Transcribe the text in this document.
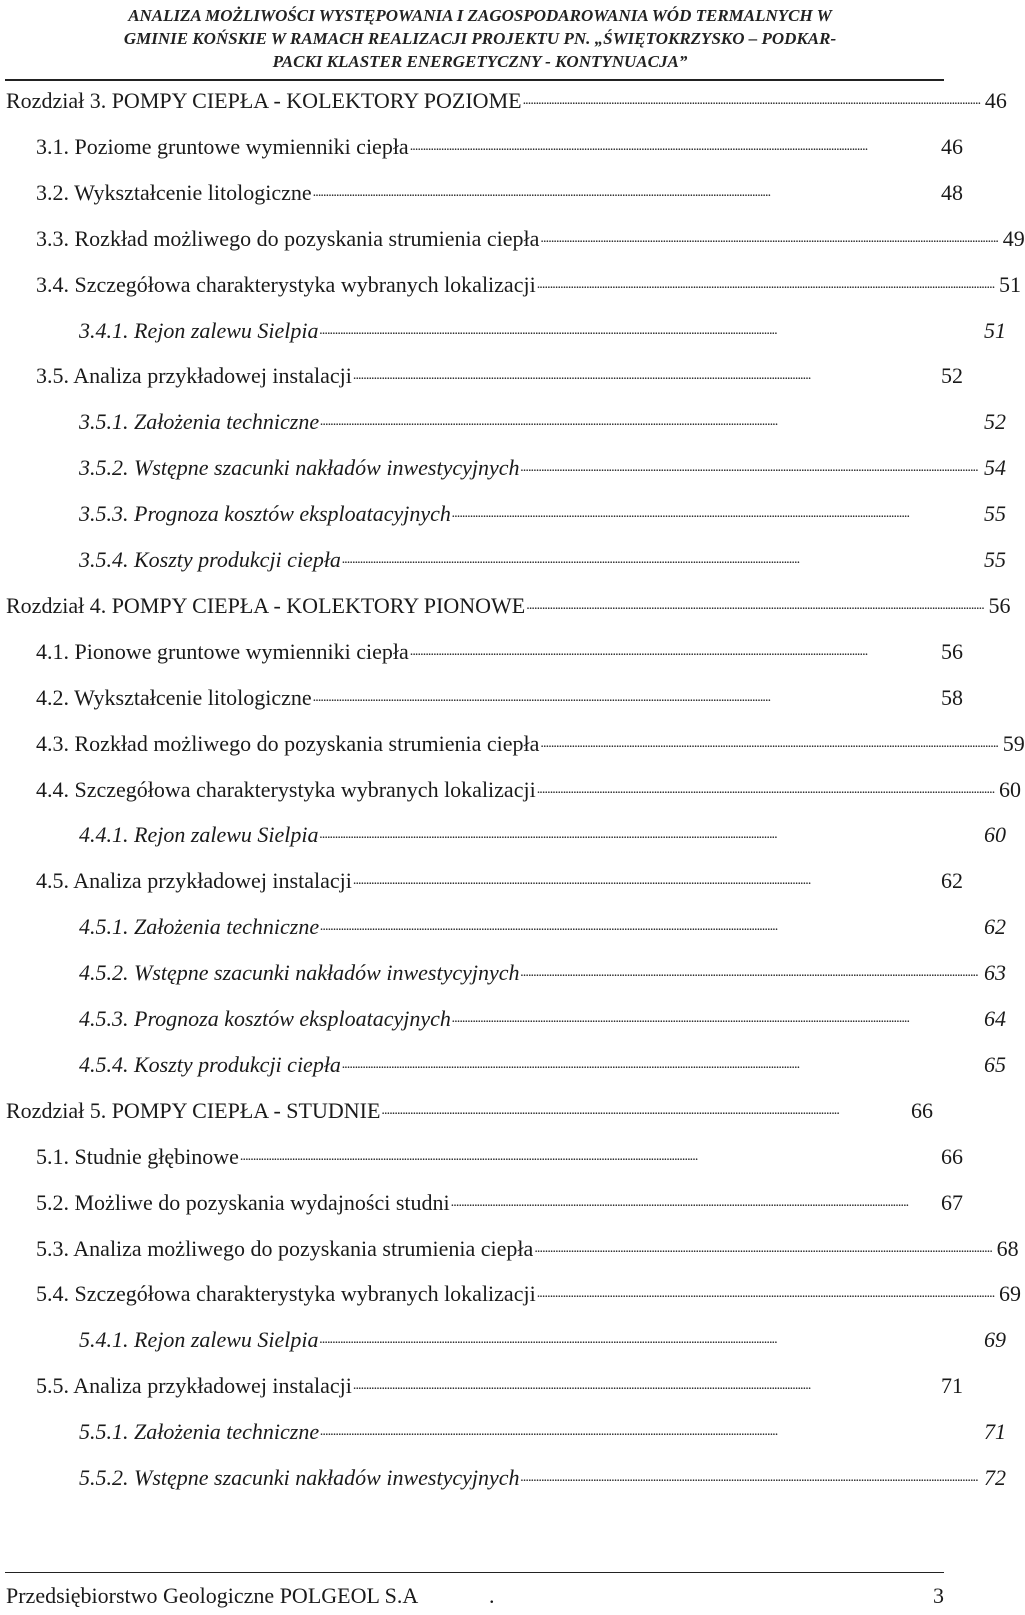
ANALIZA MOŻLIWOŚCI WYSTĘPOWANIA I ZAGOSPODAROWANIA WÓD TERMALNYCH W
GMINIE KOŃSKIE W RAMACH REALIZACJI PROJEKTU PN. „ŚWIĘTOKRZYSKO – PODKAR-
PACKI KLASTER ENERGETYCZNY - KONTYNUACJA”
Rozdział 3. POMPY CIEPŁA - KOLEKTORY POZIOME . . .	46
3.1. Poziome gruntowe wymienniki ciepła . . .	46
3.2. Wykształcenie litologiczne . . .	48
3.3. Rozkład możliwego do pozyskania strumienia ciepła . . .	49
3.4. Szczegółowa charakterystyka wybranych lokalizacji . . .	51
3.4.1. Rejon zalewu Sielpia . . .	51
3.5. Analiza przykładowej instalacji . . .	52
3.5.1. Założenia techniczne . . .	52
3.5.2. Wstępne szacunki nakładów inwestycyjnych . . .	54
3.5.3. Prognoza kosztów eksploatacyjnych . . .	55
3.5.4. Koszty produkcji ciepła . . .	55
Rozdział 4. POMPY CIEPŁA - KOLEKTORY PIONOWE . . .	56
4.1. Pionowe gruntowe wymienniki ciepła . . .	56
4.2. Wykształcenie litologiczne . . .	58
4.3. Rozkład możliwego do pozyskania strumienia ciepła . . .	59
4.4. Szczegółowa charakterystyka wybranych lokalizacji . . .	60
4.4.1. Rejon zalewu Sielpia . . .	60
4.5. Analiza przykładowej instalacji . . .	62
4.5.1. Założenia techniczne . . .	62
4.5.2. Wstępne szacunki nakładów inwestycyjnych . . .	63
4.5.3. Prognoza kosztów eksploatacyjnych . . .	64
4.5.4. Koszty produkcji ciepła . . .	65
Rozdział 5. POMPY CIEPŁA - STUDNIE . . .	66
5.1. Studnie głębinowe . . .	66
5.2. Możliwe do pozyskania wydajności studni . . .	67
5.3. Analiza możliwego do pozyskania strumienia ciepła . . .	68
5.4. Szczegółowa charakterystyka wybranych lokalizacji . . .	69
5.4.1. Rejon zalewu Sielpia . . .	69
5.5. Analiza przykładowej instalacji . . .	71
5.5.1. Założenia techniczne . . .	71
5.5.2. Wstępne szacunki nakładów inwestycyjnych . . .	72
Przedsiębiorstwo Geologiczne POLGEOL S.A	.	3
